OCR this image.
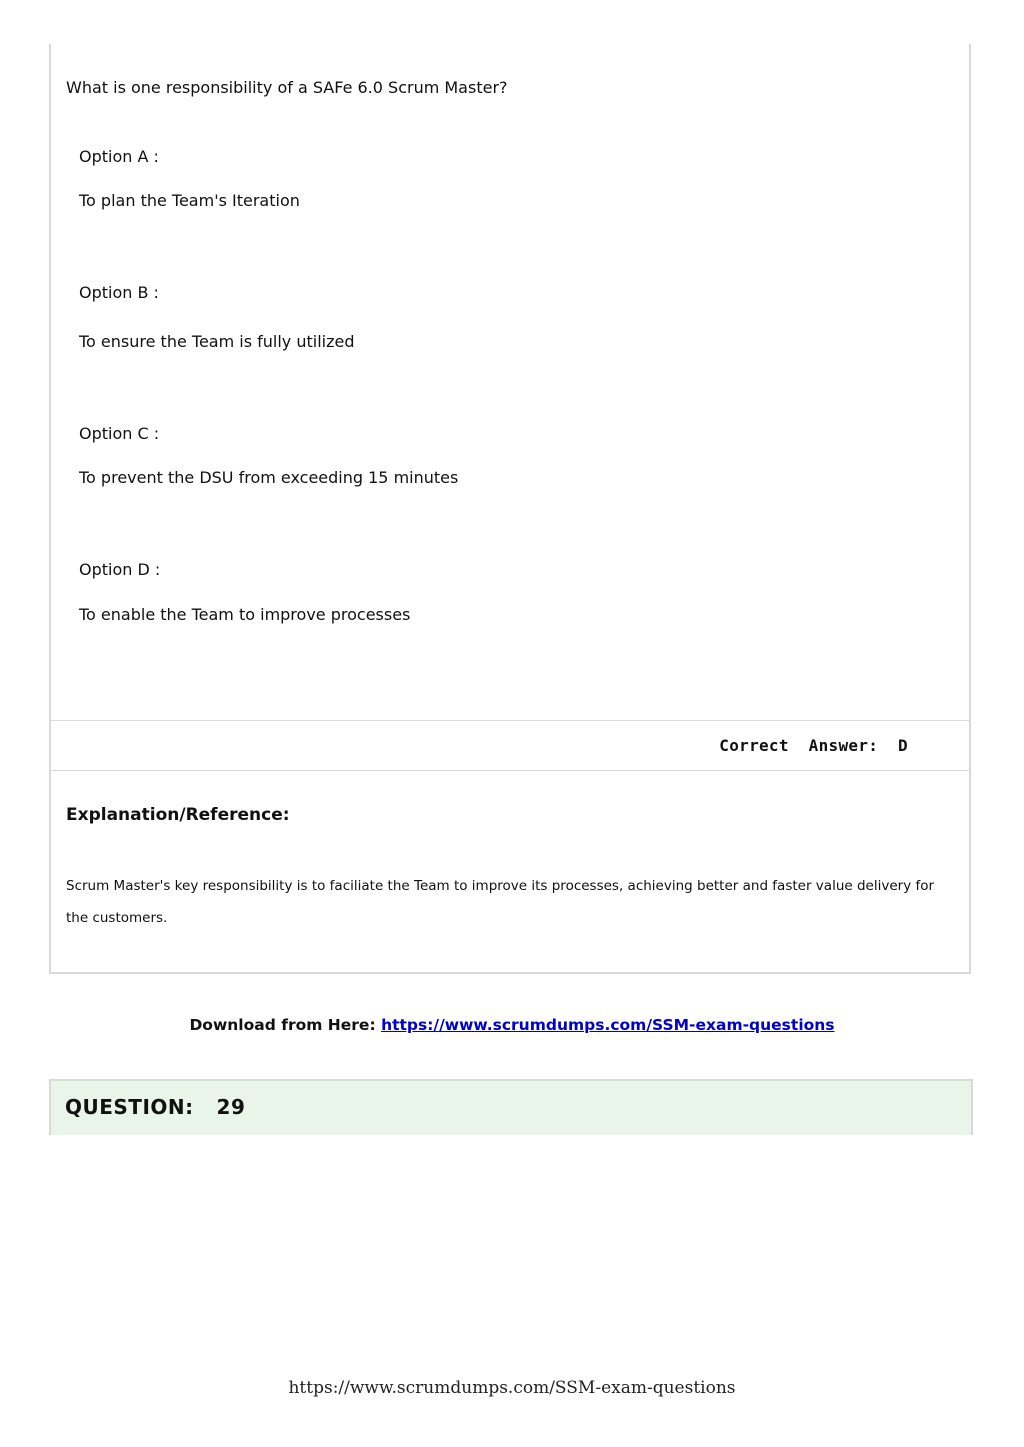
What is one responsibility of a SAFe 6.0 Scrum Master?
Option A :
To plan the Team's Iteration
Option B :
To ensure the Team is fully utilized
Option C :
To prevent the DSU from exceeding 15 minutes
Option D :
To enable the Team to improve processes
Correct  Answer:  D
Explanation/Reference:
Scrum Master's key responsibility is to faciliate the Team to improve its processes, achieving better and faster value delivery for the customers.
Download from Here: https://www.scrumdumps.com/SSM-exam-questions
QUESTION:  29
https://www.scrumdumps.com/SSM-exam-questions
